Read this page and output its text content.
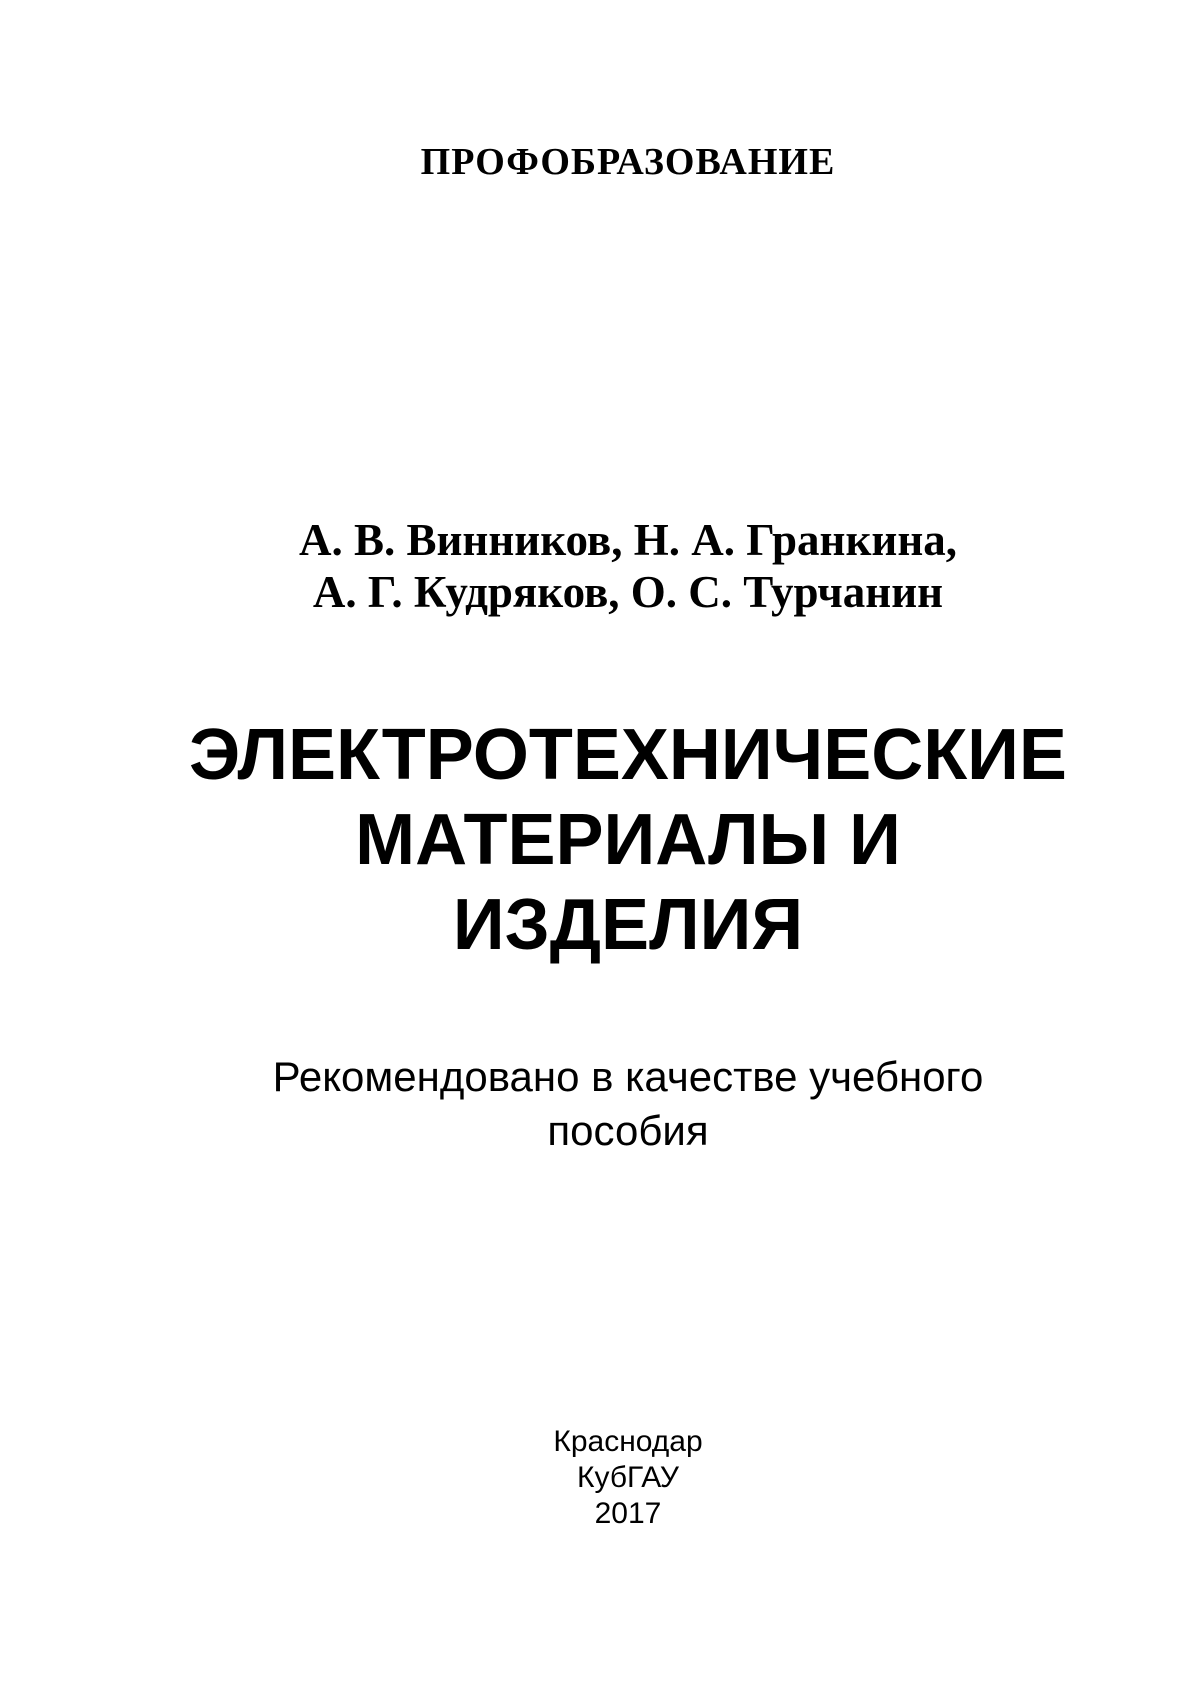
ПРОФОБРАЗОВАНИЕ
А. В. Винников, Н. А. Гранкина,
А. Г. Кудряков, О. С. Турчанин
ЭЛЕКТРОТЕХНИЧЕСКИЕ
МАТЕРИАЛЫ И
ИЗДЕЛИЯ
Рекомендовано в качестве учебного
пособия
Краснодар
КубГАУ
2017
